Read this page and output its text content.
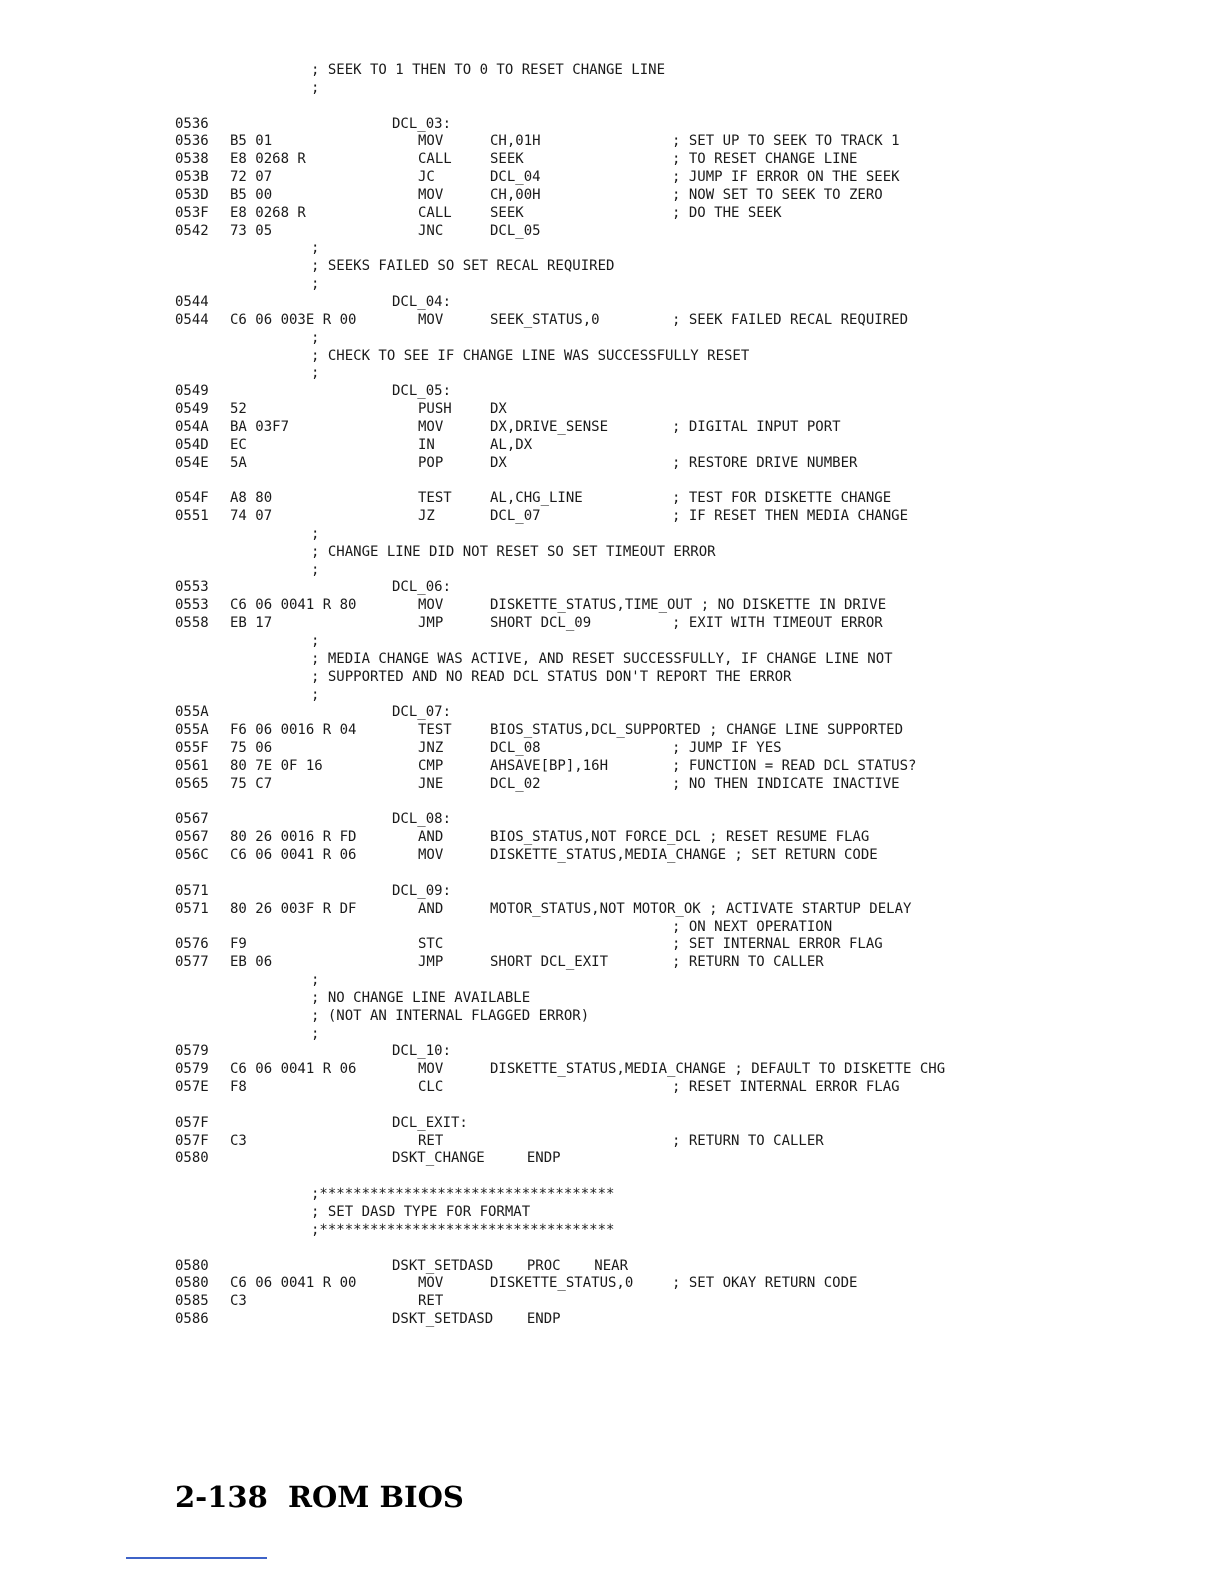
; SEEK TO 1 THEN TO 0 TO RESET CHANGE LINE
;
0536	DCL_03:
0536 B5 01	MOV	CH,01H	; SET UP TO SEEK TO TRACK 1
0538 E8 0268 R	CALL	SEEK	; TO RESET CHANGE LINE
053B 72 07	JC	DCL_04	; JUMP IF ERROR ON THE SEEK
053D B5 00	MOV	CH,00H	; NOW SET TO SEEK TO ZERO
053F E8 0268 R	CALL	SEEK	; DO THE SEEK
0542 73 05	JNC	DCL_05
;
; SEEKS FAILED SO SET RECAL REQUIRED
;
0544	DCL_04:
0544 C6 06 003E R 00	MOV	SEEK_STATUS,0	; SEEK FAILED RECAL REQUIRED
;
; CHECK TO SEE IF CHANGE LINE WAS SUCCESSFULLY RESET
;
0549	DCL_05:
0549 52	PUSH	DX
054A BA 03F7	MOV	DX,DRIVE_SENSE	; DIGITAL INPUT PORT
054D EC	IN	AL,DX
054E 5A	POP	DX	; RESTORE DRIVE NUMBER
054F A8 80	TEST	AL,CHG_LINE	; TEST FOR DISKETTE CHANGE
0551 74 07	JZ	DCL_07	; IF RESET THEN MEDIA CHANGE
;
; CHANGE LINE DID NOT RESET SO SET TIMEOUT ERROR
;
0553	DCL_06:
0553 C6 06 0041 R 80	MOV	DISKETTE_STATUS,TIME_OUT ; NO DISKETTE IN DRIVE
0558 EB 17	JMP	SHORT DCL_09	; EXIT WITH TIMEOUT ERROR
;
; MEDIA CHANGE WAS ACTIVE, AND RESET SUCCESSFULLY, IF CHANGE LINE NOT
; SUPPORTED AND NO READ DCL STATUS DON'T REPORT THE ERROR
;
055A	DCL_07:
055A F6 06 0016 R 04	TEST	BIOS_STATUS,DCL_SUPPORTED ; CHANGE LINE SUPPORTED
055F 75 06	JNZ	DCL_08	; JUMP IF YES
0561 80 7E 0F 16	CMP	AHSAVE[BP],16H	; FUNCTION = READ DCL STATUS?
0565 75 C7	JNE	DCL_02	; NO THEN INDICATE INACTIVE
0567	DCL_08:
0567 80 26 0016 R FD	AND	BIOS_STATUS,NOT FORCE_DCL ; RESET RESUME FLAG
056C C6 06 0041 R 06	MOV	DISKETTE_STATUS,MEDIA_CHANGE ; SET RETURN CODE
0571	DCL_09:
0571 80 26 003F R DF	AND	MOTOR_STATUS,NOT MOTOR_OK ; ACTIVATE STARTUP DELAY
; ON NEXT OPERATION
0576 F9	STC	; SET INTERNAL ERROR FLAG
0577 EB 06	JMP	SHORT DCL_EXIT	; RETURN TO CALLER
;
; NO CHANGE LINE AVAILABLE
; (NOT AN INTERNAL FLAGGED ERROR)
;
0579	DCL_10:
0579 C6 06 0041 R 06	MOV	DISKETTE_STATUS,MEDIA_CHANGE ; DEFAULT TO DISKETTE CHG
057E F8	CLC	; RESET INTERNAL ERROR FLAG
057F	DCL_EXIT:
057F C3	RET	; RETURN TO CALLER
0580	DSKT_CHANGE     ENDP
;***********************************
; SET DASD TYPE FOR FORMAT
;***********************************
0580	DSKT_SETDASD    PROC    NEAR
0580 C6 06 0041 R 00	MOV	DISKETTE_STATUS,0	; SET OKAY RETURN CODE
0585 C3	RET
0586	DSKT_SETDASD    ENDP
2-138  ROM BIOS
